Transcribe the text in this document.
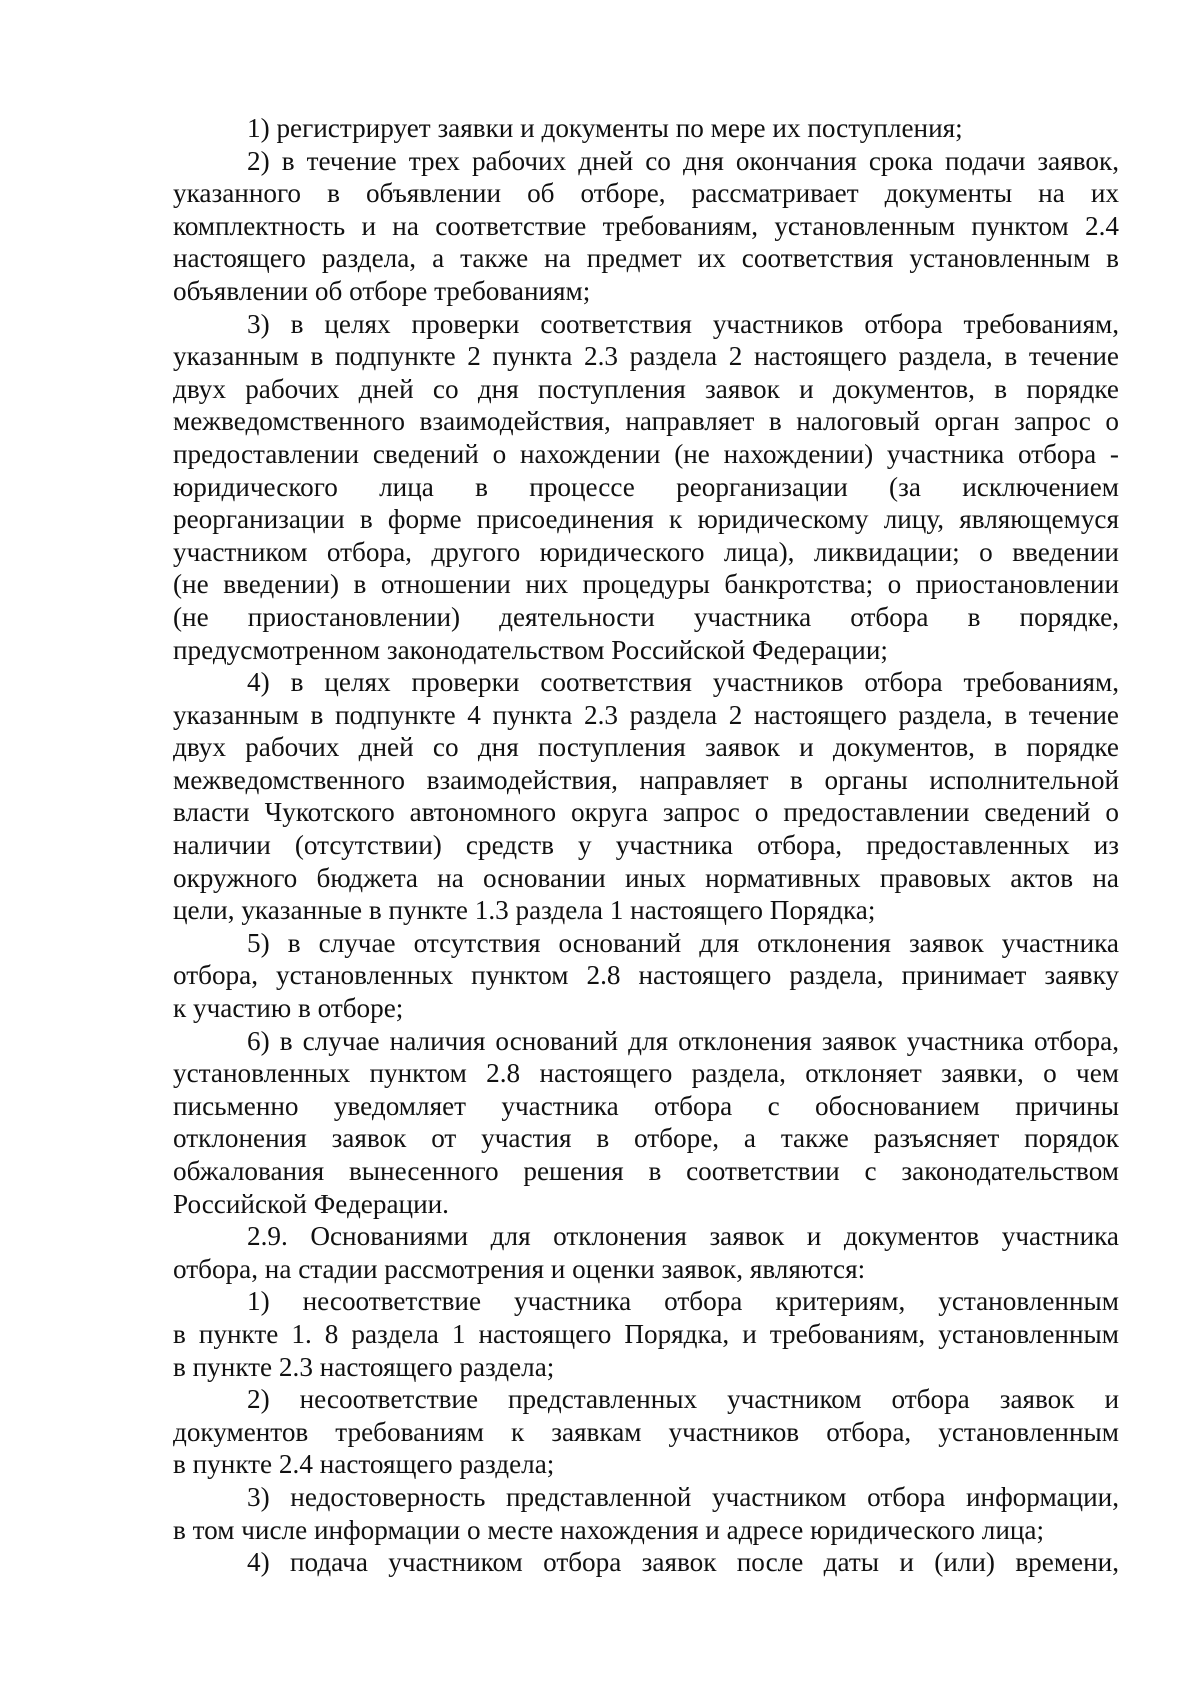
1) регистрирует заявки и документы по мере их поступления;
2) в течение трех рабочих дней со дня окончания срока подачи заявок,
указанного в объявлении об отборе, рассматривает документы на их
комплектность и на соответствие требованиям, установленным пунктом 2.4
настоящего раздела, а также на предмет их соответствия установленным в
объявлении об отборе требованиям;
3) в целях проверки соответствия участников отбора требованиям,
указанным в подпункте 2 пункта 2.3 раздела 2 настоящего раздела, в течение
двух рабочих дней со дня поступления заявок и документов, в порядке
межведомственного взаимодействия, направляет в налоговый орган запрос о
предоставлении сведений о нахождении (не нахождении) участника отбора -
юридического лица в процессе реорганизации (за исключением
реорганизации в форме присоединения к юридическому лицу, являющемуся
участником отбора, другого юридического лица), ликвидации; о введении
(не введении) в отношении них процедуры банкротства; о приостановлении
(не приостановлении) деятельности участника отбора в порядке,
предусмотренном законодательством Российской Федерации;
4) в целях проверки соответствия участников отбора требованиям,
указанным в подпункте 4 пункта 2.3 раздела 2 настоящего раздела, в течение
двух рабочих дней со дня поступления заявок и документов, в порядке
межведомственного взаимодействия, направляет в органы исполнительной
власти Чукотского автономного округа запрос о предоставлении сведений о
наличии (отсутствии) средств у участника отбора, предоставленных из
окружного бюджета на основании иных нормативных правовых актов на
цели, указанные в пункте 1.3 раздела 1 настоящего Порядка;
5) в случае отсутствия оснований для отклонения заявок участника
отбора, установленных пунктом 2.8 настоящего раздела, принимает заявку
к участию в отборе;
6) в случае наличия оснований для отклонения заявок участника отбора,
установленных пунктом 2.8 настоящего раздела, отклоняет заявки, о чем
письменно уведомляет участника отбора с обоснованием причины
отклонения заявок от участия в отборе, а также разъясняет порядок
обжалования вынесенного решения в соответствии с законодательством
Российской Федерации.
2.9. Основаниями для отклонения заявок и документов участника
отбора, на стадии рассмотрения и оценки заявок, являются:
1) несоответствие участника отбора критериям, установленным
в пункте 1. 8 раздела 1 настоящего Порядка, и требованиям, установленным
в пункте 2.3 настоящего раздела;
2) несоответствие представленных участником отбора заявок и
документов требованиям к заявкам участников отбора, установленным
в пункте 2.4 настоящего раздела;
3) недостоверность представленной участником отбора информации,
в том числе информации о месте нахождения и адресе юридического лица;
4) подача участником отбора заявок после даты и (или) времени,
